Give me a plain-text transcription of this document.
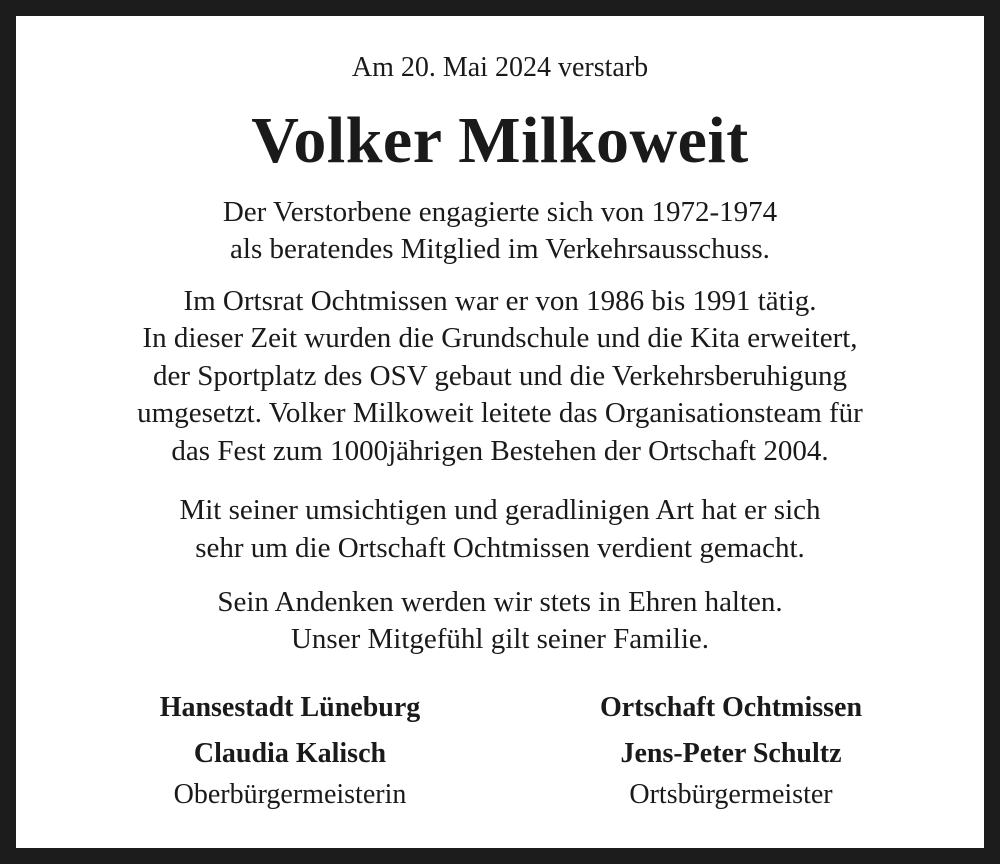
Am 20. Mai 2024 verstarb
Volker Milkoweit
Der Verstorbene engagierte sich von 1972-1974
als beratendes Mitglied im Verkehrsausschuss.
Im Ortsrat Ochtmissen war er von 1986 bis 1991 tätig.
In dieser Zeit wurden die Grundschule und die Kita erweitert,
der Sportplatz des OSV gebaut und die Verkehrsberuhigung
umgesetzt. Volker Milkoweit leitete das Organisationsteam für
das Fest zum 1000jährigen Bestehen der Ortschaft 2004.
Mit seiner umsichtigen und geradlinigen Art hat er sich
sehr um die Ortschaft Ochtmissen verdient gemacht.
Sein Andenken werden wir stets in Ehren halten.
Unser Mitgefühl gilt seiner Familie.
Hansestadt Lüneburg
Claudia Kalisch
Oberbürgermeisterin
Ortschaft Ochtmissen
Jens-Peter Schultz
Ortsbürgermeister
